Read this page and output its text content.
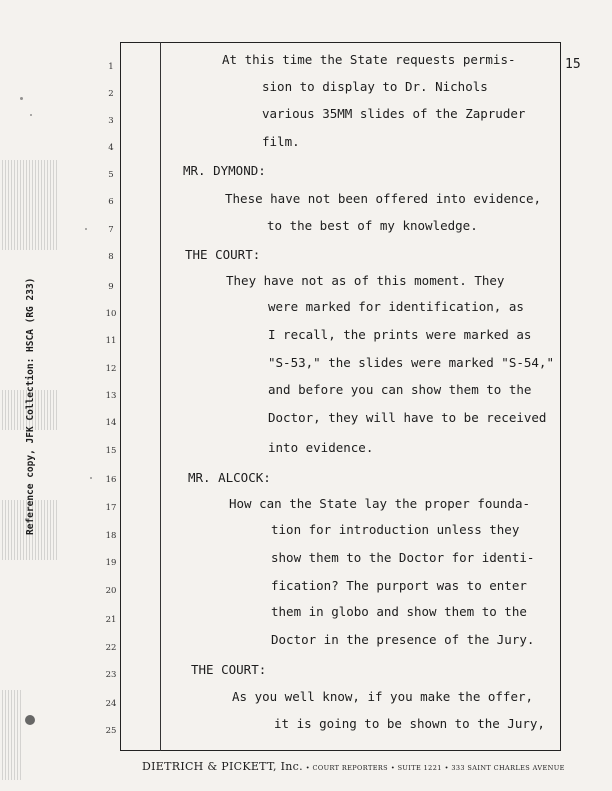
Reference copy, JFK Collection: HSCA (RG 233)
15
1
2
3
4
5
6
7
8
9
10
11
12
13
14
15
16
17
18
19
20
21
22
23
24
25
At this time the State requests permis-
sion to display to Dr. Nichols
various 35MM slides of the Zapruder
film.
MR. DYMOND:
These have not been offered into evidence,
to the best of my knowledge.
THE COURT:
They have not as of this moment. They
were marked for identification, as
I recall, the prints were marked as
"S-53," the slides were marked "S-54,"
and before you can show them to the
Doctor, they will have to be received
into evidence.
MR. ALCOCK:
How can the State lay the proper founda-
tion for introduction unless they
show them to the Doctor for identi-
fication? The purport was to enter
them in globo and show them to the
Doctor in the presence of the Jury.
THE COURT:
As you well know, if you make the offer,
it is going to be shown to the Jury,
DIETRICH & PICKETT, Inc. • COURT REPORTERS • SUITE 1221 • 333 SAINT CHARLES AVENUE
